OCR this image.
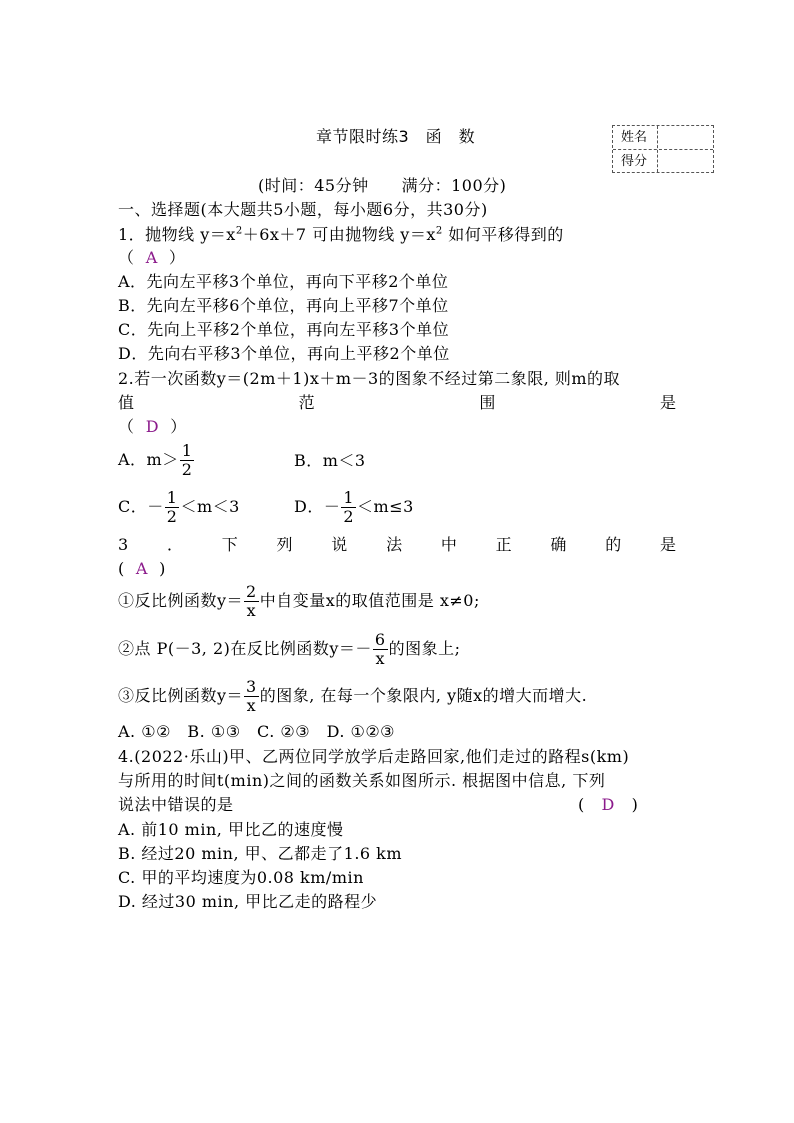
章节限时练3　函　数	姓名
得分
(时间：45分钟　　满分：100分)
一、选择题(本大题共5小题，每小题6分，共30分)
1．抛物线 $y=x^2+6x+7$ 可由抛物线 $y=x^2$ 如何平移得到的
（ A ）
A．先向左平移3个单位，再向下平移2个单位
B．先向左平移6个单位，再向上平移7个单位
C．先向上平移2个单位，再向左平移3个单位
D．先向右平移3个单位，再向上平移2个单位
2.若一次函数y＝(2m＋1)x＋m－3的图象不经过第二象限, 则m的取
值	范	围	是
（ D ）
A．$m> \frac{1}{2}$	B．m＜3
C．－ $\frac{1}{2} <m<3$	D．－ $\frac{1}{2} <m\le 3$
3 ． 下 列 说 法 中 正 确 的 是
( A )
①反比例函数$y= \frac{2}{x}$ 中自变量x的取值范围是 x≠0;
②点 P(－3, 2)在反比例函数$y=- \frac{6}{x}$ 的图象上;
③反比例函数$y= \frac{3}{x}$ 的图象, 在每一个象限内, y随x的增大而增大.
A. ①②　B. ①③　C. ②③　D. ①②③
4.(2022·乐山)甲、乙两位同学放学后走路回家,他们走过的路程s(km)
与所用的时间t(min)之间的函数关系如图所示. 根据图中信息, 下列
说法中错误的是	( D )
A. 前10 min, 甲比乙的速度慢
B. 经过20 min, 甲、乙都走了1.6 km
C. 甲的平均速度为0.08 km/min
D. 经过30 min, 甲比乙走的路程少
